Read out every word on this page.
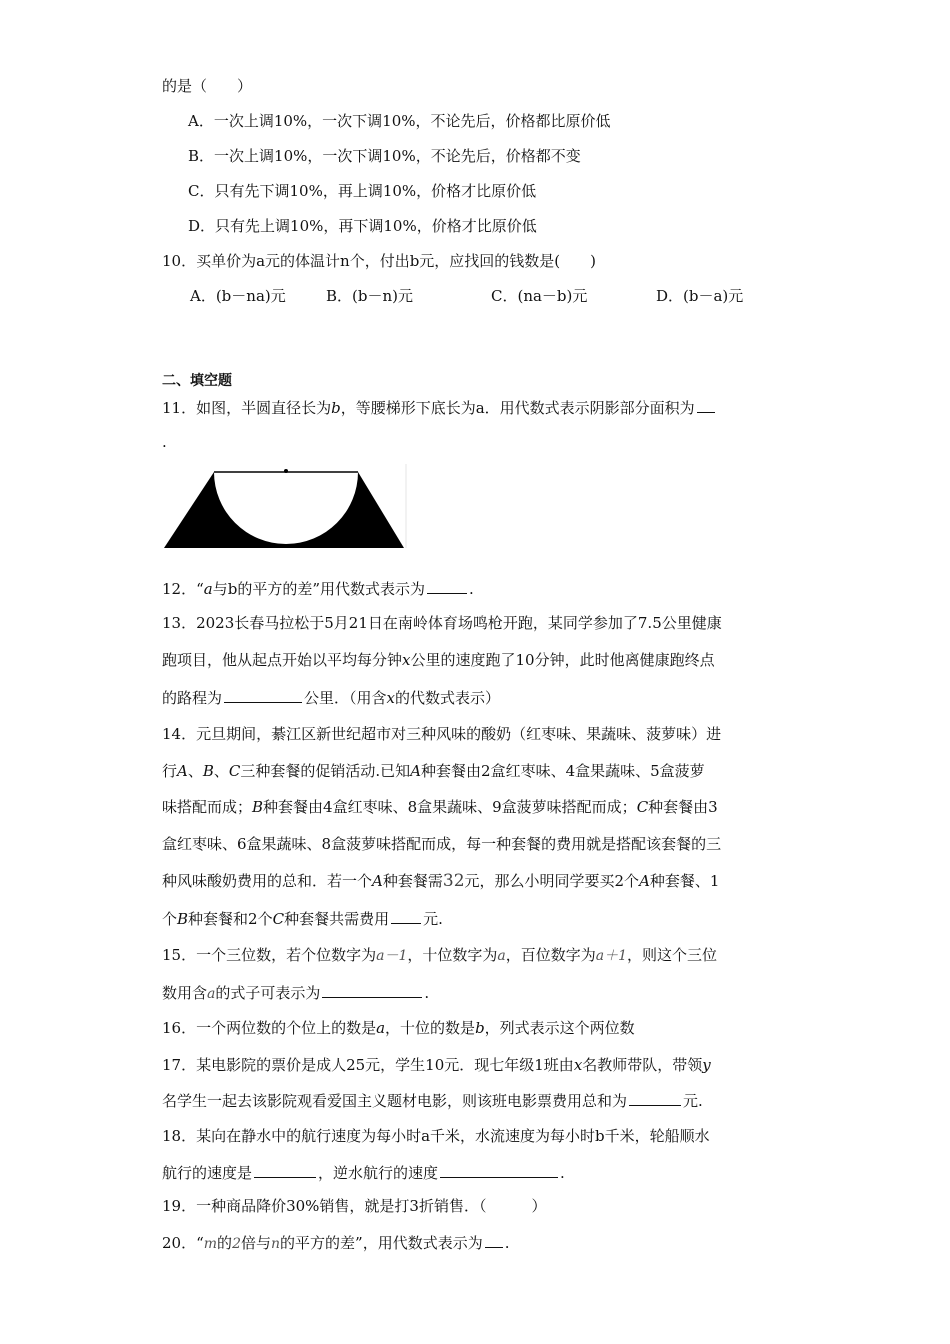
的是（　　）
A．一次上调10%，一次下调10%，不论先后，价格都比原价低
B．一次上调10%，一次下调10%，不论先后，价格都不变
C．只有先下调10%，再上调10%，价格才比原价低
D．只有先上调10%，再下调10%，价格才比原价低
10．买单价为a元的体温计n个，付出b元，应找回的钱数是(　　)
A．(b－na)元	B．(b－n)元	C．(na－b)元	D．(b－a)元
二、填空题
11．如图，半圆直径长为b，等腰梯形下底长为a．用代数式表示阴影部分面积为
.
12．“a与b的平方的差”用代数式表示为	.
13．2023长春马拉松于5月21日在南岭体育场鸣枪开跑，某同学参加了7.5公里健康
跑项目，他从起点开始以平均每分钟x公里的速度跑了10分钟，此时他离健康跑终点
的路程为	公里．（用含x的代数式表示）
14．元旦期间，綦江区新世纪超市对三种风味的酸奶（红枣味、果蔬味、菠萝味）进
行A、B、C三种套餐的促销活动.已知A种套餐由2盒红枣味、4盒果蔬味、5盒菠萝
味搭配而成；B种套餐由4盒红枣味、8盒果蔬味、9盒菠萝味搭配而成；C种套餐由3
盒红枣味、6盒果蔬味、8盒菠萝味搭配而成，每一种套餐的费用就是搭配该套餐的三
种风味酸奶费用的总和．若一个A种套餐需32元，那么小明同学要买2个A种套餐、1
个B种套餐和2个C种套餐共需费用 元.
15．一个三位数，若个位数字为a－1，十位数字为a，百位数字为a＋1，则这个三位
数用含a的式子可表示为	.
16．一个两位数的个位上的数是a，十位的数是b，列式表示这个两位数
17．某电影院的票价是成人25元，学生10元．现七年级1班由x名教师带队，带领y
名学生一起去该影院观看爱国主义题材电影，则该班电影票费用总和为	元.
18．某向在静水中的航行速度为每小时a千米，水流速度为每小时b千米，轮船顺水
航行的速度是	，逆水航行的速度	.
19．一种商品降价30%销售，就是打3折销售．（　　　）
20．“m的2倍与n的平方的差”，用代数式表示为 .
